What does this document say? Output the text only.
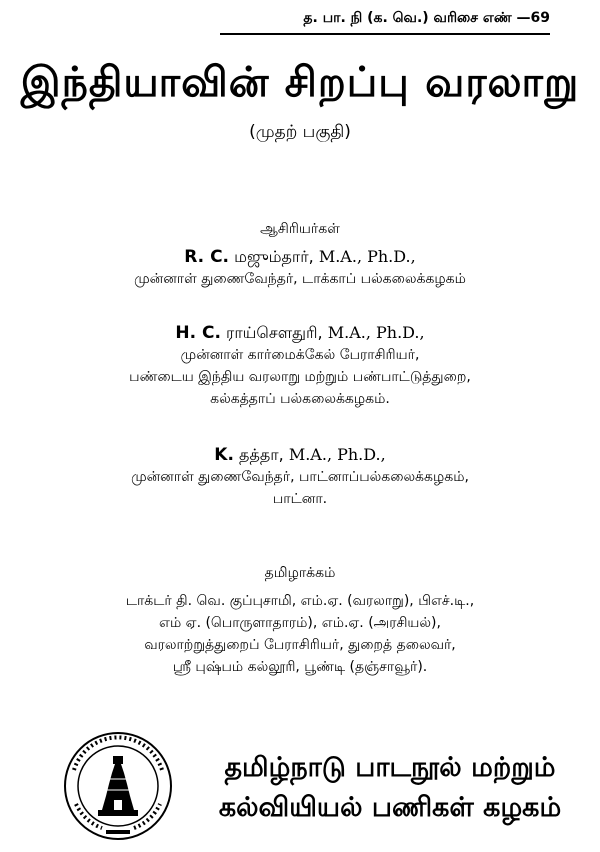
த. பா. நி (க. வெ.) வரிசை எண் —69
இந்தியாவின் சிறப்பு வரலாறு
(முதற் பகுதி)
ஆசிரியர்கள்
R. C. மஜும்தார், M.A., Ph.D.,
முன்னாள் துணைவேந்தர், டாக்காப் பல்கலைக்கழகம்
H. C. ராய்சௌதுரி, M.A., Ph.D.,
முன்னாள் கார்மைக்கேல் பேராசிரியர்,
பண்டைய இந்திய வரலாறு மற்றும் பண்பாட்டுத்துறை,
கல்கத்தாப் பல்கலைக்கழகம்.
K. தத்தா, M.A., Ph.D.,
முன்னாள் துணைவேந்தர், பாட்னாப்பல்கலைக்கழகம்,
பாட்னா.
தமிழாக்கம்
டாக்டர் தி. வெ. குப்புசாமி, எம்.ஏ. (வரலாறு), பிஎச்.டி.,
எம் ஏ. (பொருளாதாரம்), எம்.ஏ. (அரசியல்),
வரலாற்றுத்துறைப் பேராசிரியர், துறைத் தலைவர்,
ஸ்ரீ புஷ்பம் கல்லூரி, பூண்டி (தஞ்சாவூர்).
தமிழ்நாடு பாடநூல் மற்றும்
கல்வியியல் பணிகள் கழகம்
